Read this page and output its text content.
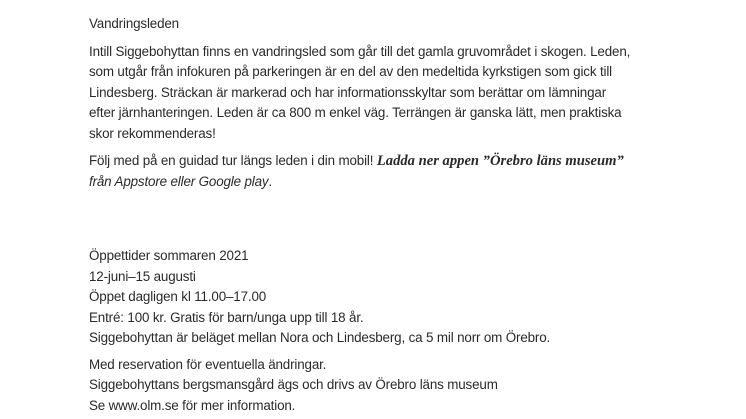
Vandringsleden

Intill Siggebohyttan finns en vandringsled som går till det gamla gruvområdet i skogen. Leden,
som utgår från infokuren på parkeringen är en del av den medeltida kyrkstigen som gick till
Lindesberg. Sträckan är markerad och har informationsskyltar som berättar om lämningar
efter järnhanteringen. Leden är ca 800 m enkel väg. Terrängen är ganska lätt, men praktiska
skor rekommenderas!

Följ med på en guidad tur längs leden i din mobil! Ladda ner appen ”Örebro läns museum”
från Appstore eller Google play.

Öppettider sommaren 2021
12-juni–15 augusti
Öppet dagligen kl 11.00–17.00
Entré: 100 kr. Gratis för barn/unga upp till 18 år.
Siggebohyttan är beläget mellan Nora och Lindesberg, ca 5 mil norr om Örebro.

Med reservation för eventuella ändringar.
Siggebohyttans bergsmansgård ägs och drivs av Örebro läns museum
Se www.olm.se för mer information.
